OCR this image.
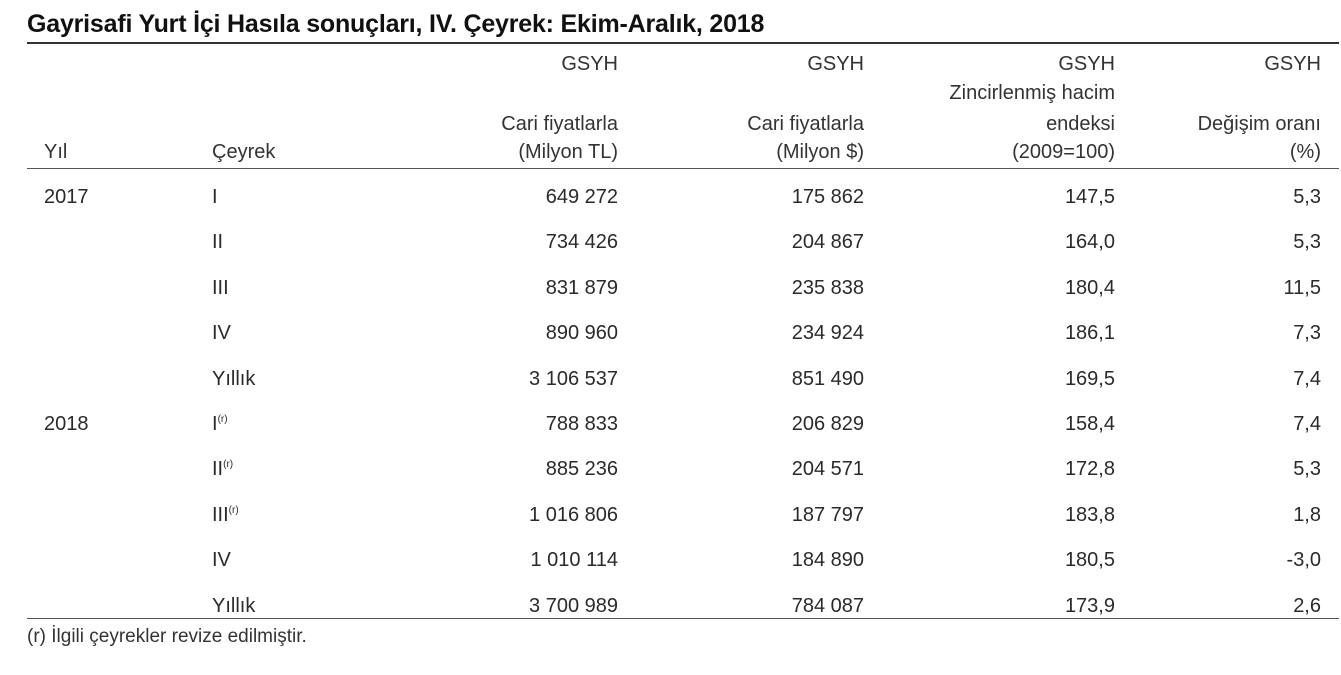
Gayrisafi Yurt İçi Hasıla sonuçları, IV. Çeyrek: Ekim-Aralık, 2018
Yıl	Çeyrek
GSYH
Cari fiyatlarla
(Milyon TL)
GSYH
Cari fiyatlarla
(Milyon $)
GSYH
Zincirlenmiş hacim
endeksi
(2009=100)
GSYH
Değişim oranı
(%)
2017	I	649 272	175 862	147,5	5,3
II	734 426	204 867	164,0	5,3
III	831 879	235 838	180,4	11,5
IV	890 960	234 924	186,1	7,3
Yıllık	3 106 537	851 490	169,5	7,4
2018	$I^{(r)}$	788 833	206 829	158,4	7,4
II$^{(r)}$	885 236	204 571	172,8	5,3
III$^{(r)}$	1 016 806	187 797	183,8	1,8
IV	1 010 114	184 890	180,5	-3,0
Yıllık	3 700 989	784 087	173,9	2,6
(r) İlgili çeyrekler revize edilmiştir.
